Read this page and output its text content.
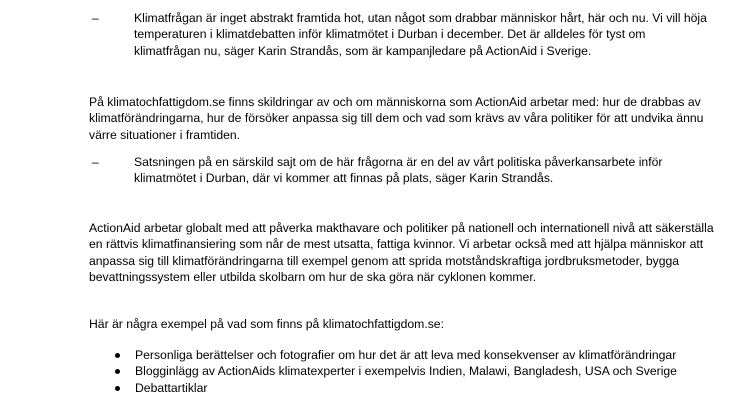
–	Klimatfrågan är inget abstrakt framtida hot, utan något som drabbar människor hårt, här och nu. Vi vill höja temperaturen i klimatdebatten inför klimatmötet i Durban i december. Det är alldeles för tyst om klimatfrågan nu, säger Karin Strandås, som är kampanjledare på ActionAid i Sverige.

På klimatochfattigdom.se finns skildringar av och om människorna som ActionAid arbetar med: hur de drabbas av klimatförändringarna, hur de försöker anpassa sig till dem och vad som krävs av våra politiker för att undvika ännu värre situationer i framtiden.

–	Satsningen på en särskild sajt om de här frågorna är en del av vårt politiska påverkansarbete inför klimatmötet i Durban, där vi kommer att finnas på plats, säger Karin Strandås.

ActionAid arbetar globalt med att påverka makthavare och politiker på nationell och internationell nivå att säkerställa en rättvis klimatfinansiering som når de mest utsatta, fattiga kvinnor. Vi arbetar också med att hjälpa människor att anpassa sig till klimatförändringarna till exempel genom att sprida motståndskraftiga jordbruksmetoder, bygga bevattningssystem eller utbilda skolbarn om hur de ska göra när cyklonen kommer.

Här är några exempel på vad som finns på klimatochfattigdom.se:

Personliga berättelser och fotografier om hur det är att leva med konsekvenser av klimatförändringar
Blogginlägg av ActionAids klimatexperter i exempelvis Indien, Malawi, Bangladesh, USA och Sverige
Debattartiklar
